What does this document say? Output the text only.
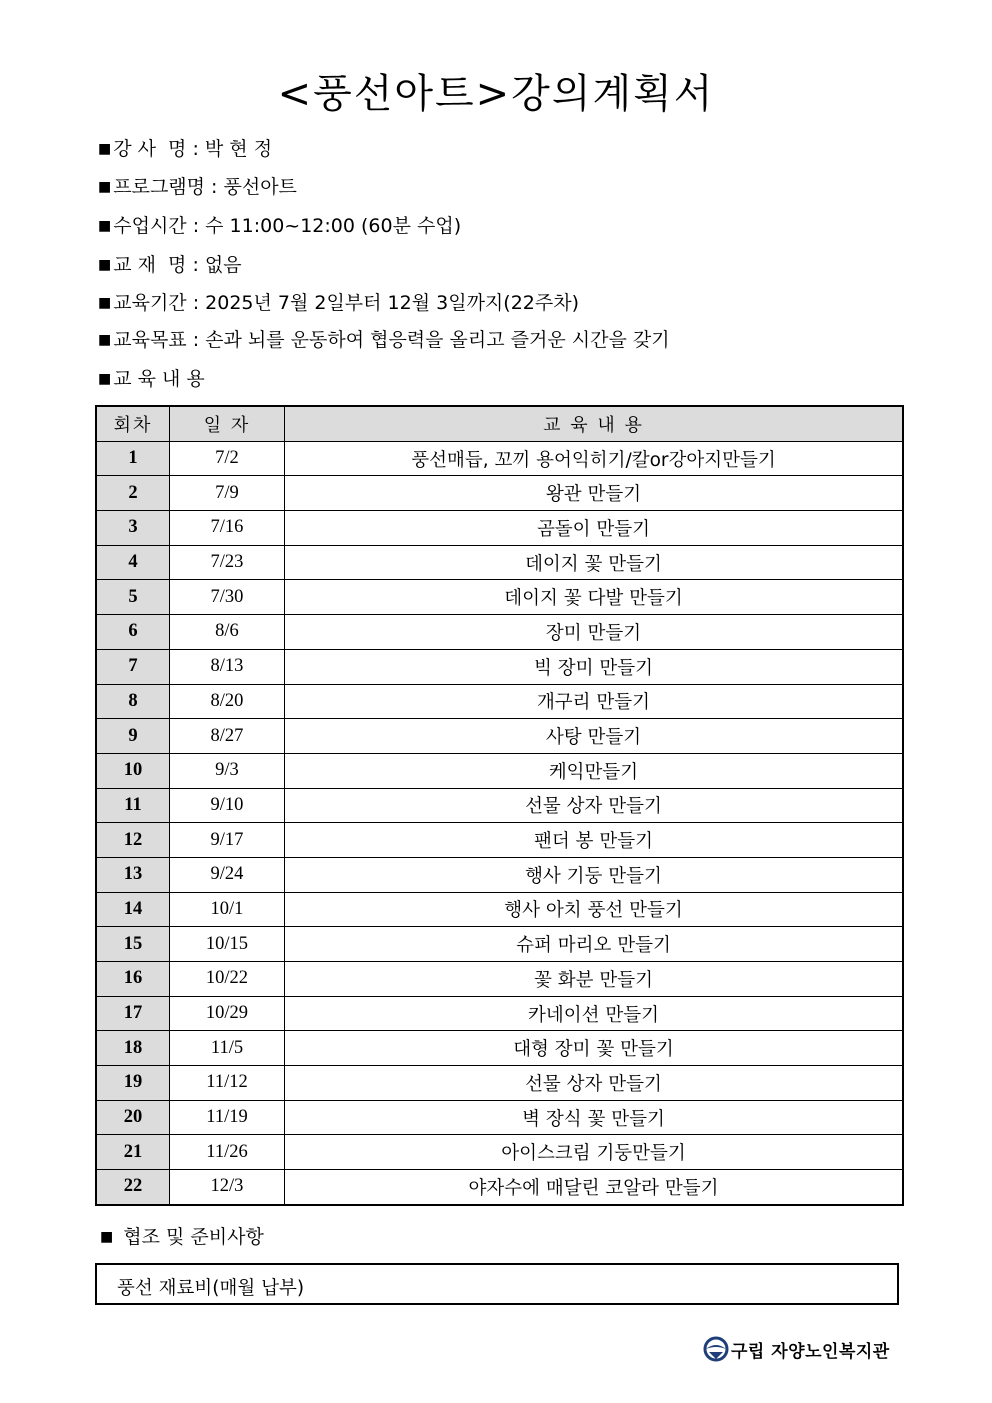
<풍선아트>강의계획서
■ 강 사  명 : 박 현 정
■ 프로그램명 : 풍선아트
■ 수업시간 : 수 11:00~12:00 (60분 수업)
■ 교 재  명 : 없음
■ 교육기간 : 2025년 7월 2일부터 12월 3일까지(22주차)
■ 교육목표 : 손과 뇌를 운동하여 협응력을 올리고 즐거운 시간을 갖기
■ 교 육 내 용
회차	일 자	교 육 내 용
1	7/2	풍선매듭, 꼬끼 용어익히기/칼or강아지만들기
2	7/9	왕관 만들기
3	7/16	곰돌이 만들기
4	7/23	데이지 꽃 만들기
5	7/30	데이지 꽃 다발 만들기
6	8/6	장미 만들기
7	8/13	빅 장미 만들기
8	8/20	개구리 만들기
9	8/27	사탕 만들기
10	9/3	케익만들기
11	9/10	선물 상자 만들기
12	9/17	팬더 봉 만들기
13	9/24	행사 기둥 만들기
14	10/1	행사 아치 풍선 만들기
15	10/15	슈퍼 마리오 만들기
16	10/22	꽃 화분 만들기
17	10/29	카네이션 만들기
18	11/5	대형 장미 꽃 만들기
19	11/12	선물 상자 만들기
20	11/19	벽 장식 꽃 만들기
21	11/26	아이스크림 기둥만들기
22	12/3	야자수에 매달린 코알라 만들기
■ 협조 및 준비사항
풍선 재료비(매월 납부)
구립 자양노인복지관
